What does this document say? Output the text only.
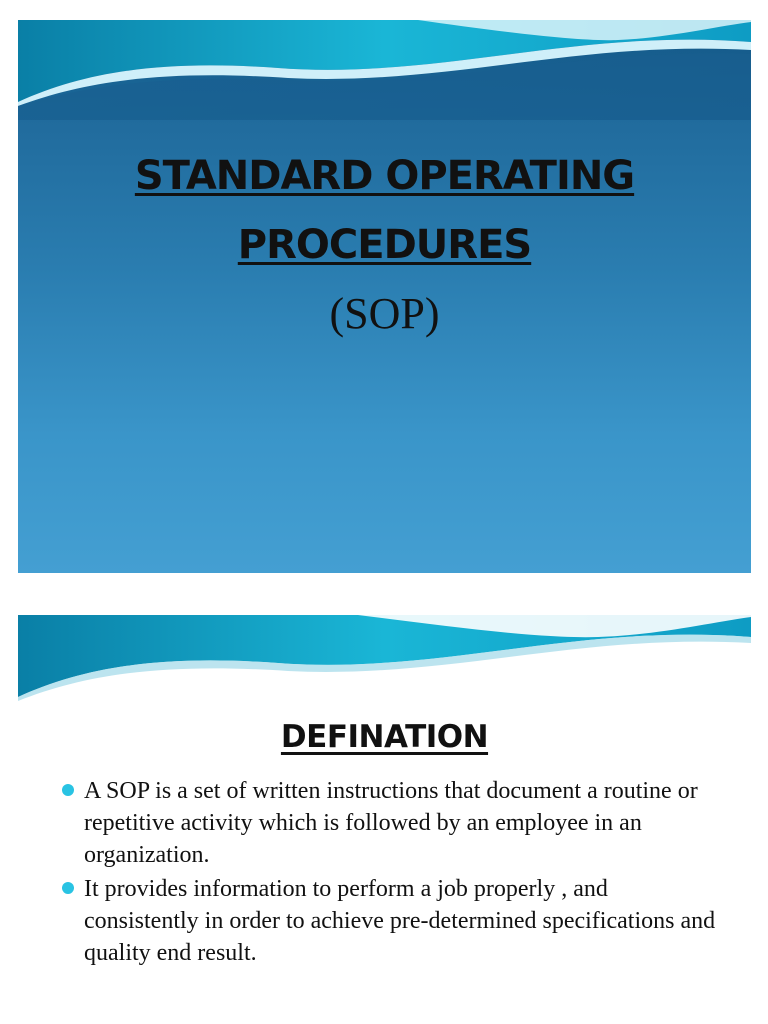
STANDARD OPERATING
PROCEDURES
(SOP)
DEFINATION
A SOP is a set of written instructions that document a routine or repetitive activity which is followed by an employee in an organization.
It provides information to perform a job properly , and consistently in order to achieve pre-determined specifications and quality end result.
